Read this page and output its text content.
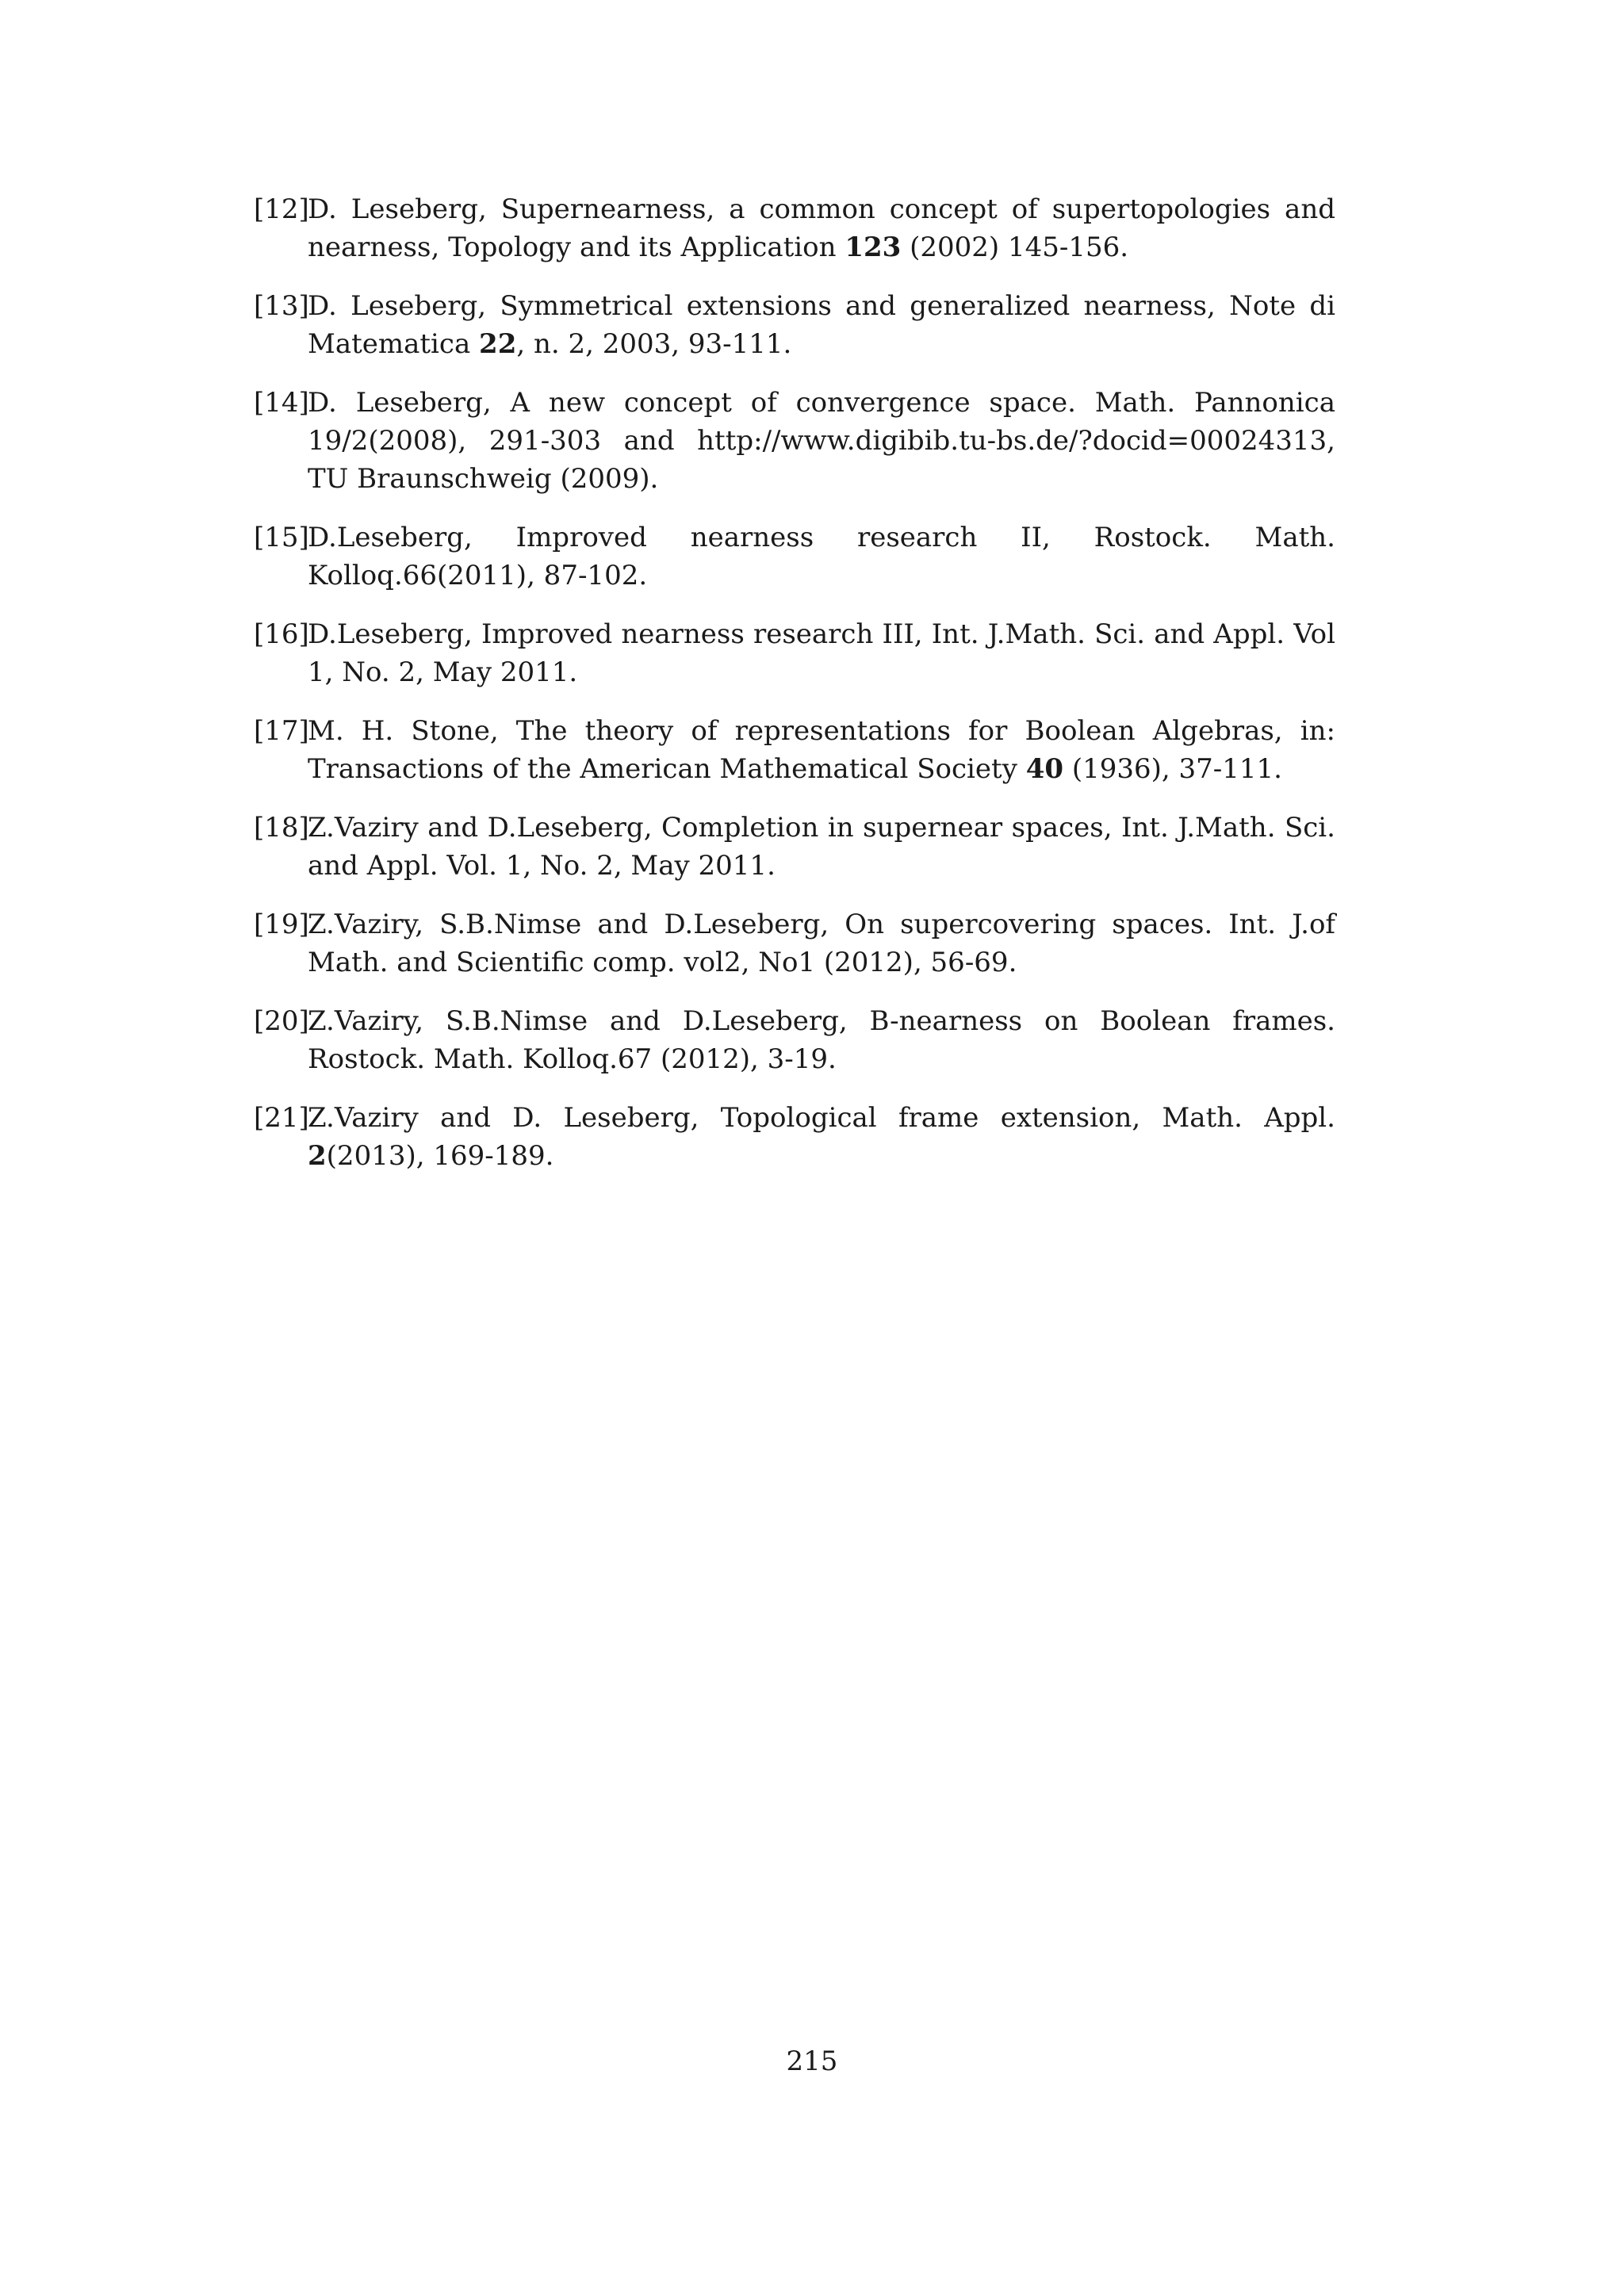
[12]
D. Leseberg, Supernearness, a common concept of supertopologies and nearness, Topology and its Application 123 (2002) 145-156.
[13]
D. Leseberg, Symmetrical extensions and generalized nearness, Note di Matematica 22, n. 2, 2003, 93-111.
[14]
D. Leseberg, A new concept of convergence space. Math. Pannonica 19/2(2008), 291-303 and http://www.digibib.tu-bs.de/?docid=00024313, TU Braunschweig (2009).
[15]
D.Leseberg, Improved nearness research II, Rostock. Math. Kolloq.66(2011), 87-102.
[16]
D.Leseberg, Improved nearness research III, Int. J.Math. Sci. and Appl. Vol 1, No. 2, May 2011.
[17]
M. H. Stone, The theory of representations for Boolean Algebras, in: Transactions of the American Mathematical Society 40 (1936), 37-111.
[18]
Z.Vaziry and D.Leseberg, Completion in supernear spaces, Int. J.Math. Sci. and Appl. Vol. 1, No. 2, May 2011.
[19]
Z.Vaziry, S.B.Nimse and D.Leseberg, On supercovering spaces. Int. J.of Math. and Scientific comp. vol2, No1 (2012), 56-69.
[20]
Z.Vaziry, S.B.Nimse and D.Leseberg, B-nearness on Boolean frames. Rostock. Math. Kolloq.67 (2012), 3-19.
[21]
Z.Vaziry and D. Leseberg, Topological frame extension, Math. Appl. 2(2013), 169-189.
215
